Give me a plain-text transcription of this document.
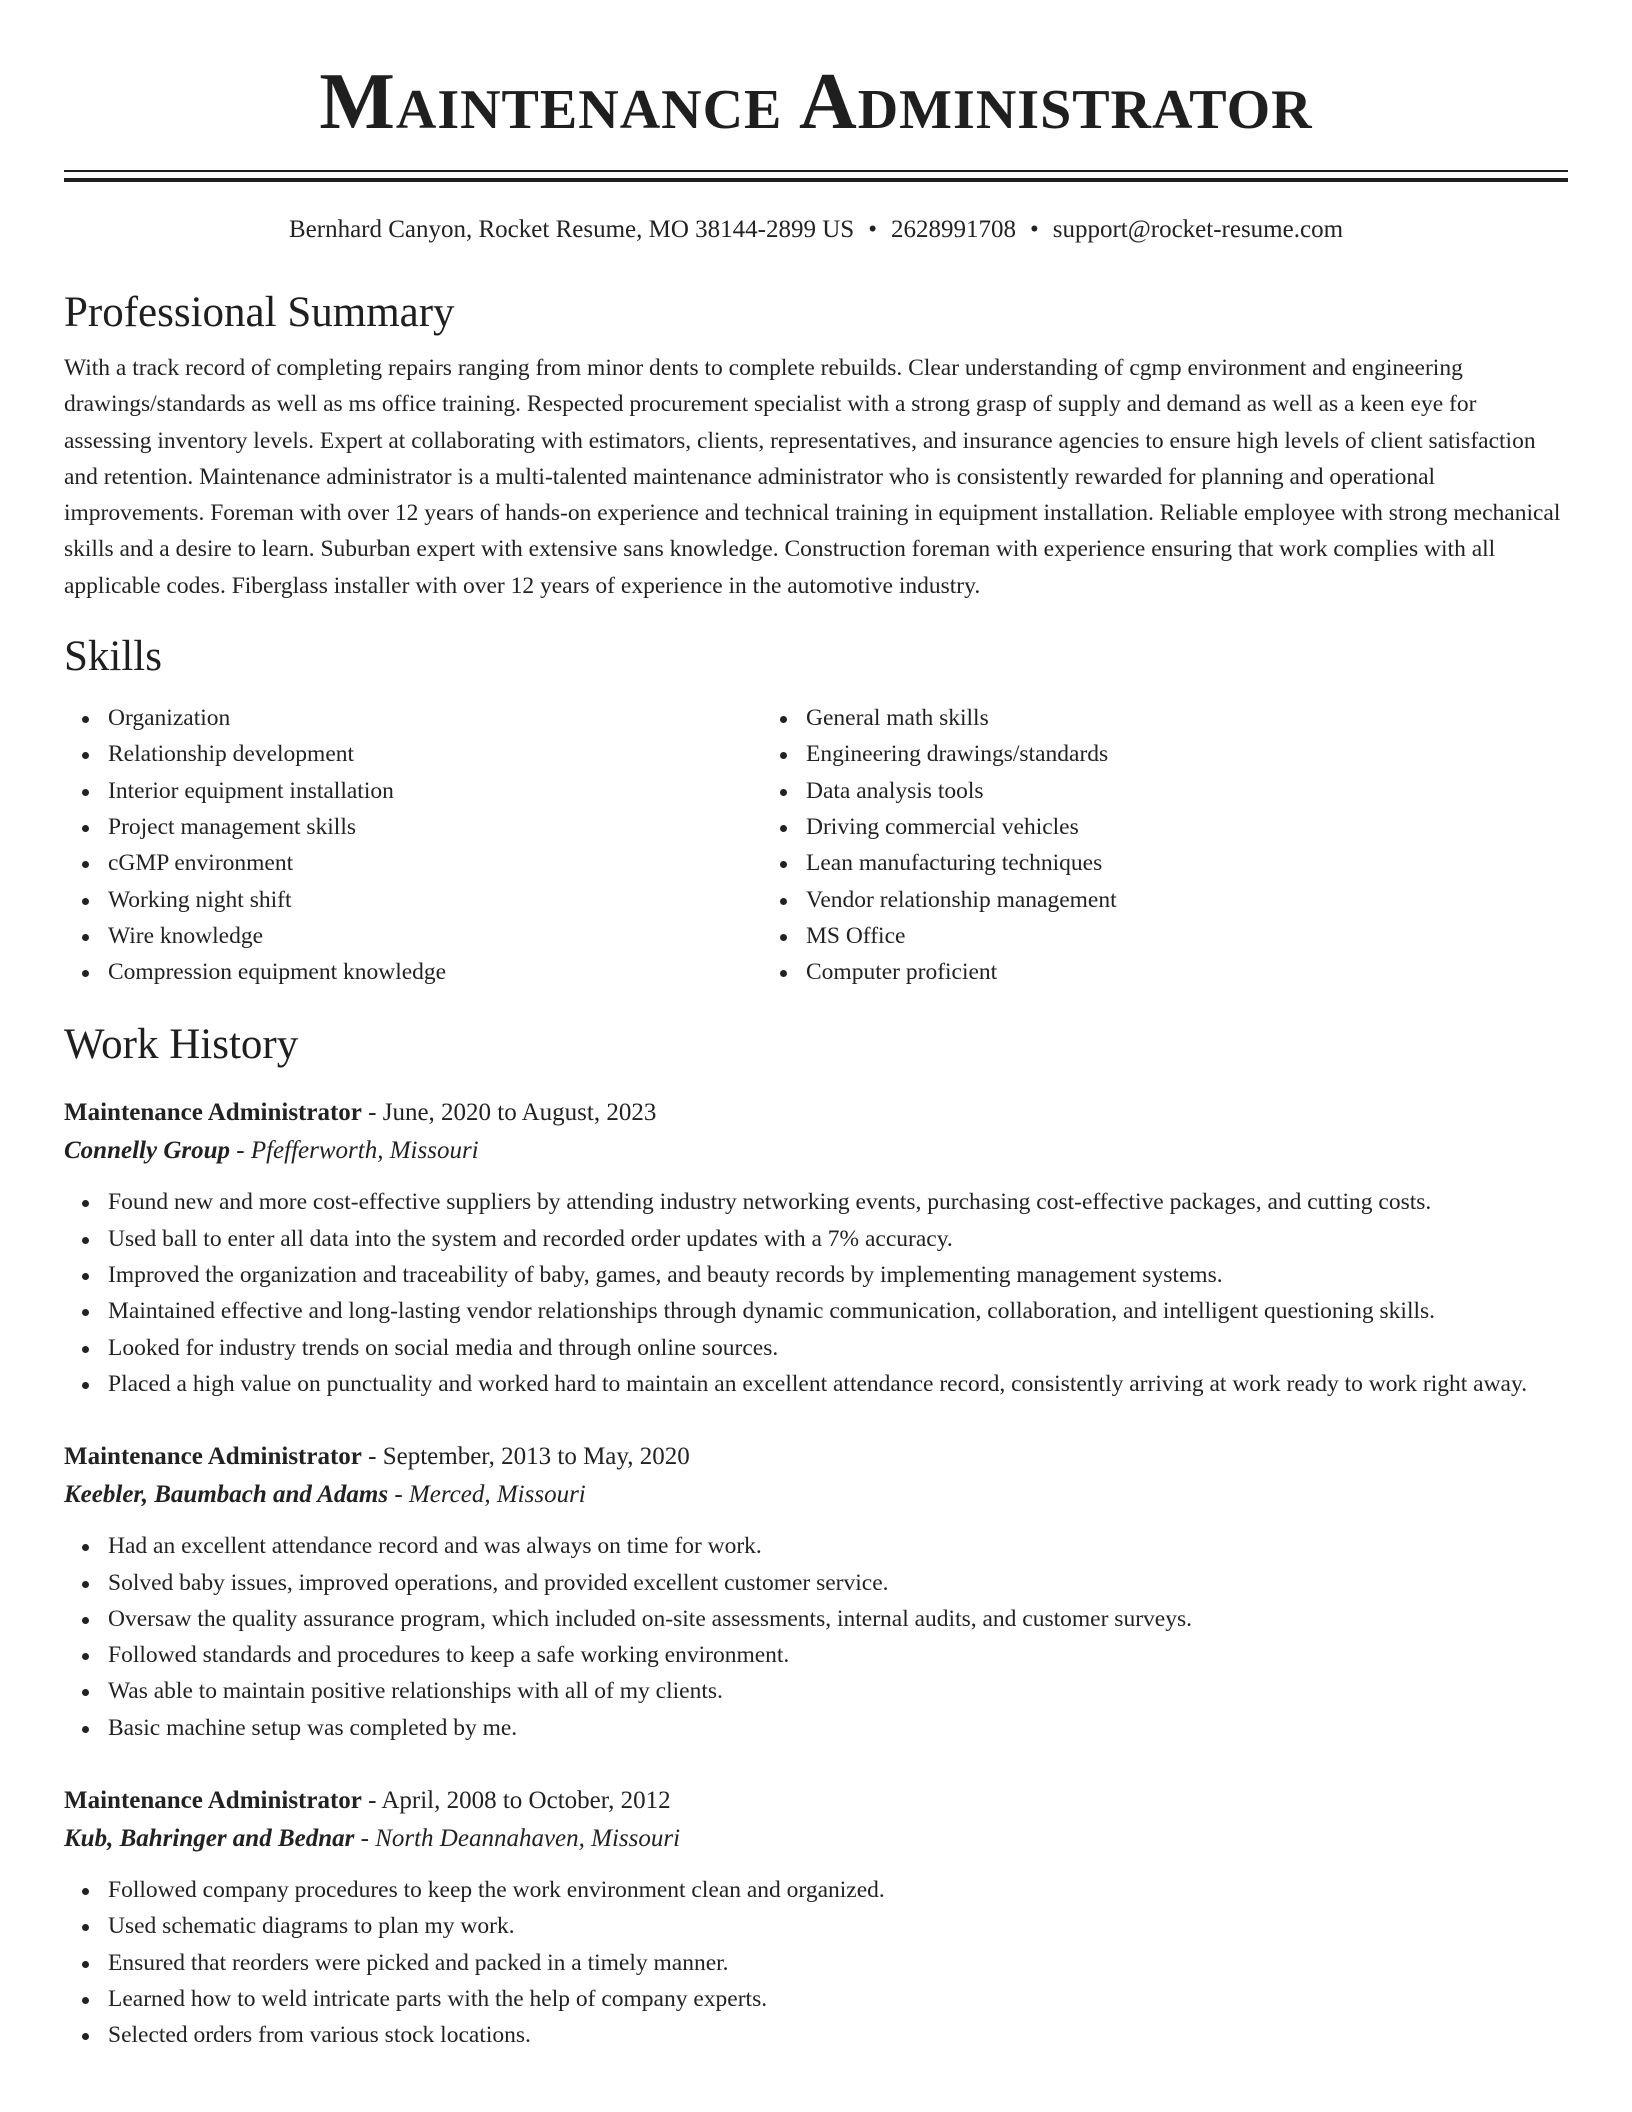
Maintenance Administrator
Bernhard Canyon, Rocket Resume, MO 38144-2899 US • 2628991708 • support@rocket-resume.com
Professional Summary

With a track record of completing repairs ranging from minor dents to complete rebuilds. Clear understanding of cgmp environment and engineering drawings/standards as well as ms office training. Respected procurement specialist with a strong grasp of supply and demand as well as a keen eye for assessing inventory levels. Expert at collaborating with estimators, clients, representatives, and insurance agencies to ensure high levels of client satisfaction and retention. Maintenance administrator is a multi-talented maintenance administrator who is consistently rewarded for planning and operational improvements. Foreman with over 12 years of hands-on experience and technical training in equipment installation. Reliable employee with strong mechanical skills and a desire to learn. Suburban expert with extensive sans knowledge. Construction foreman with experience ensuring that work complies with all applicable codes. Fiberglass installer with over 12 years of experience in the automotive industry.

Skills
Organization
Relationship development
Interior equipment installation
Project management skills
cGMP environment
Working night shift
Wire knowledge
Compression equipment knowledge
General math skills
Engineering drawings/standards
Data analysis tools
Driving commercial vehicles
Lean manufacturing techniques
Vendor relationship management
MS Office
Computer proficient
Work History
Maintenance Administrator - June, 2020 to August, 2023
Connelly Group - Pfefferworth, Missouri
Found new and more cost-effective suppliers by attending industry networking events, purchasing cost-effective packages, and cutting costs.
Used ball to enter all data into the system and recorded order updates with a 7% accuracy.
Improved the organization and traceability of baby, games, and beauty records by implementing management systems.
Maintained effective and long-lasting vendor relationships through dynamic communication, collaboration, and intelligent questioning skills.
Looked for industry trends on social media and through online sources.
Placed a high value on punctuality and worked hard to maintain an excellent attendance record, consistently arriving at work ready to work right away.
Maintenance Administrator - September, 2013 to May, 2020
Keebler, Baumbach and Adams - Merced, Missouri
Had an excellent attendance record and was always on time for work.
Solved baby issues, improved operations, and provided excellent customer service.
Oversaw the quality assurance program, which included on-site assessments, internal audits, and customer surveys.
Followed standards and procedures to keep a safe working environment.
Was able to maintain positive relationships with all of my clients.
Basic machine setup was completed by me.
Maintenance Administrator - April, 2008 to October, 2012
Kub, Bahringer and Bednar - North Deannahaven, Missouri
Followed company procedures to keep the work environment clean and organized.
Used schematic diagrams to plan my work.
Ensured that reorders were picked and packed in a timely manner.
Learned how to weld intricate parts with the help of company experts.
Selected orders from various stock locations.
